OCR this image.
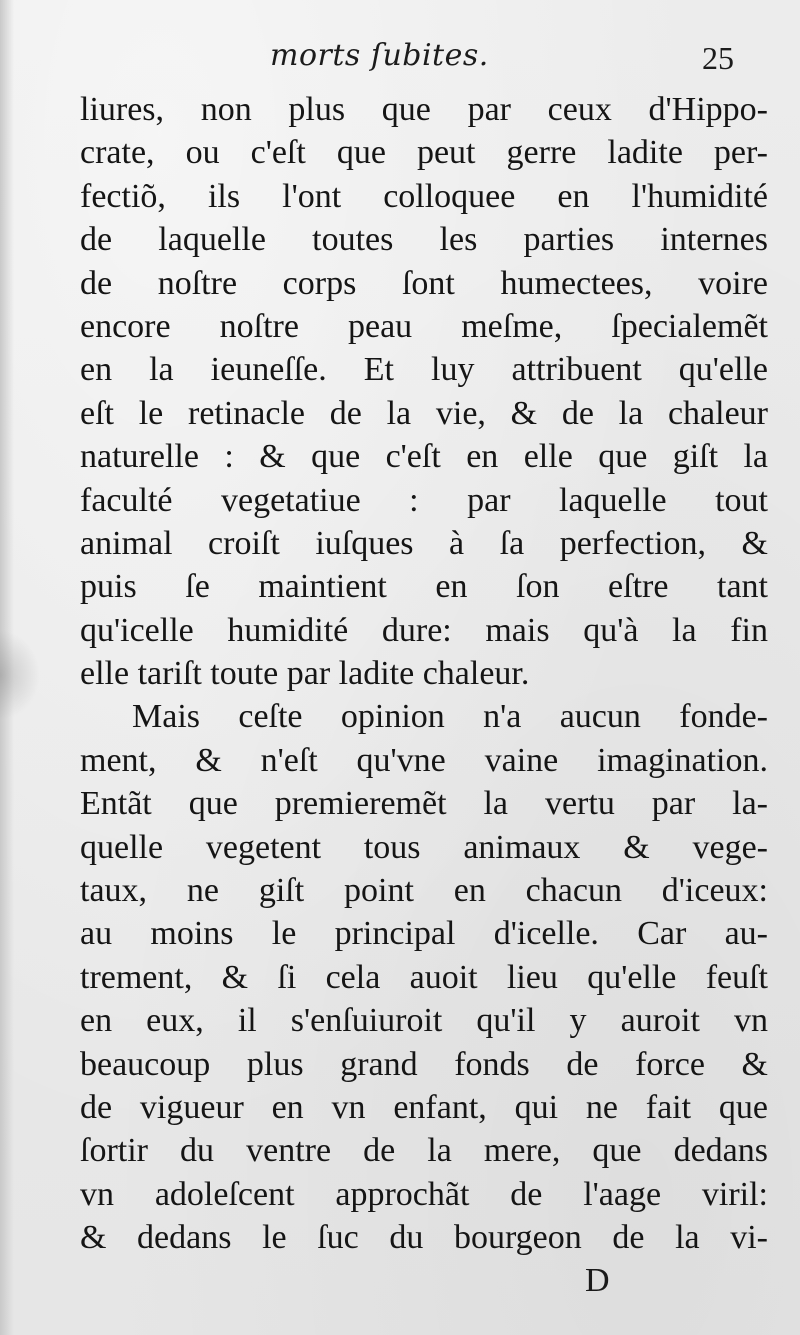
morts ſubites.	25
liures, non plus que par ceux d'Hippo-
crate, ou c'eſt que peut gerre ladite per-
fectiõ, ils l'ont colloquee en l'humidité
de laquelle toutes les parties internes
de noſtre corps ſont humectees, voire
encore noſtre peau meſme, ſpecialemẽt
en la ieuneſſe. Et luy attribuent qu'elle
eſt le retinacle de la vie, & de la chaleur
naturelle : & que c'eſt en elle que giſt la
faculté vegetatiue : par laquelle tout
animal croiſt iuſques à ſa perfection, &
puis ſe maintient en ſon eſtre tant
qu'icelle humidité dure: mais qu'à la fin
elle tariſt toute par ladite chaleur.
Mais ceſte opinion n'a aucun fonde-
ment, & n'eſt qu'vne vaine imagination.
Entãt que premieremẽt la vertu par la-
quelle vegetent tous animaux & vege-
taux, ne giſt point en chacun d'iceux:
au moins le principal d'icelle. Car au-
trement, & ſi cela auoit lieu qu'elle feuſt
en eux, il s'enſuiuroit qu'il y auroit vn
beaucoup plus grand fonds de force &
de vigueur en vn enfant, qui ne fait que
ſortir du ventre de la mere, que dedans
vn adoleſcent approchãt de l'aage viril:
& dedans le ſuc du bourgeon de la vi-
D
